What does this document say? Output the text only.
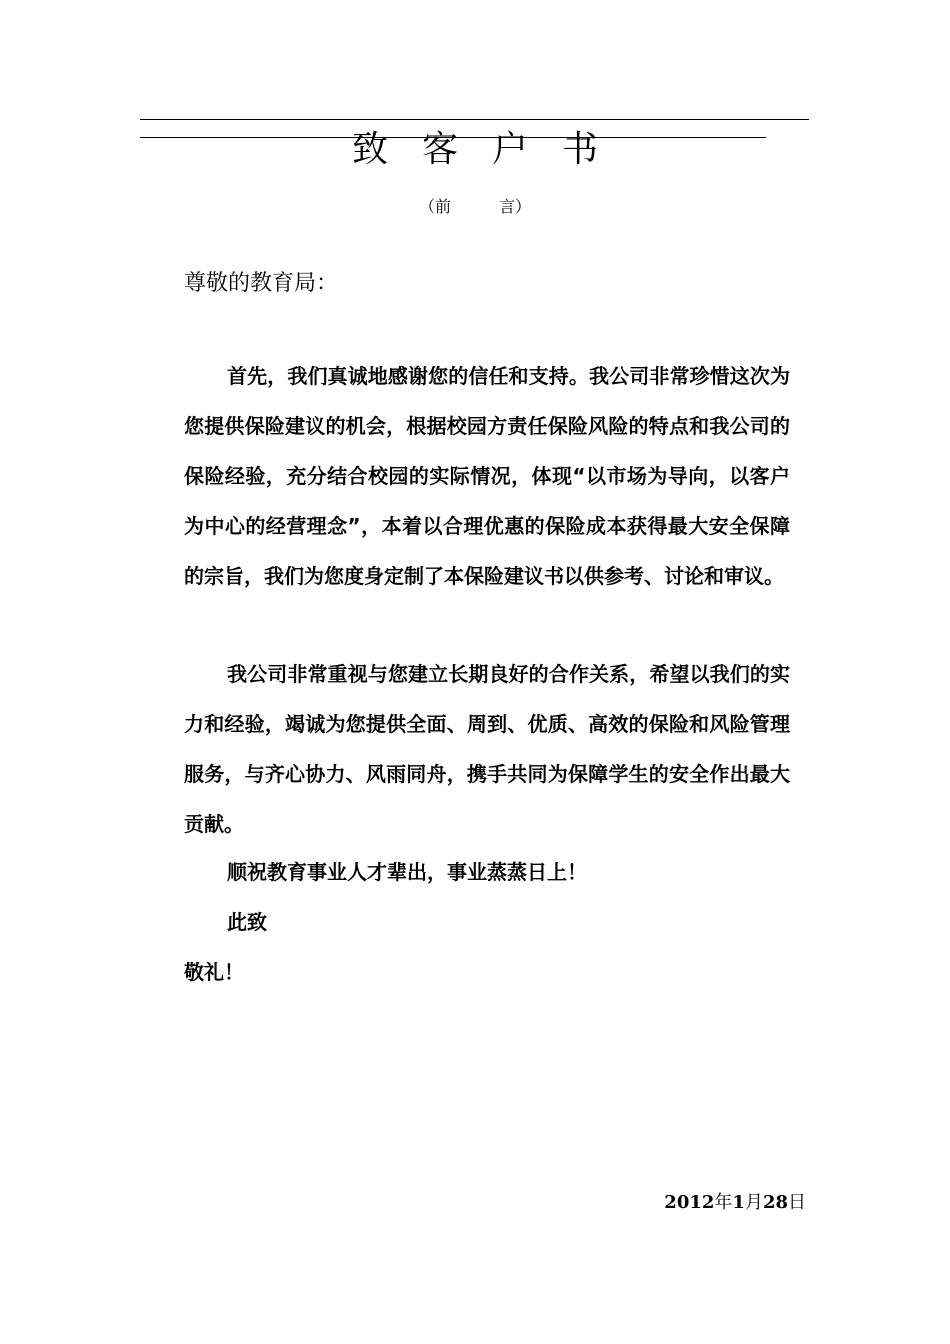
致客户书
（前	言）
尊敬的教育局：

首先，我们真诚地感谢您的信任和支持。我公司非常珍惜这次为您提供保险建议的机会，根据校园方责任保险风险的特点和我公司的保险经验，充分结合校园的实际情况，体现“以市场为导向，以客户为中心的经营理念”，本着以合理优惠的保险成本获得最大安全保障的宗旨，我们为您度身定制了本保险建议书以供参考、讨论和审议。

我公司非常重视与您建立长期良好的合作关系，希望以我们的实力和经验，竭诚为您提供全面、周到、优质、高效的保险和风险管理服务，与齐心协力、风雨同舟，携手共同为保障学生的安全作出最大贡献。

顺祝教育事业人才辈出，事业蒸蒸日上！

此致

敬礼！
2012年1月28日
